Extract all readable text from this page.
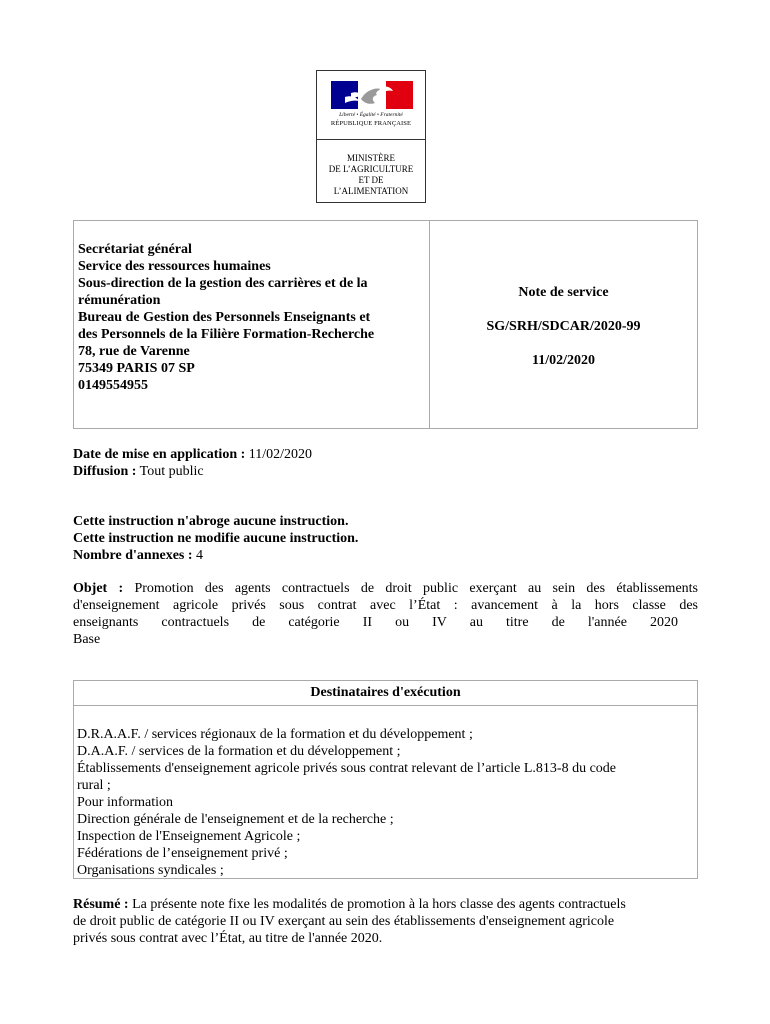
Liberté • Égalité • Fraternité
RÉPUBLIQUE FRANÇAISE
MINISTÈRE
DE L’AGRICULTURE
ET DE
L’ALIMENTATION
Secrétariat général
Service des ressources humaines
Sous-direction de la gestion des carrières et de la
rémunération
Bureau de Gestion des Personnels Enseignants et
des Personnels de la Filière Formation-Recherche
78, rue de Varenne
75349 PARIS 07 SP
0149554955
Note de service
SG/SRH/SDCAR/2020-99
11/02/2020
Date de mise en application : 11/02/2020
Diffusion : Tout public
Cette instruction n'abroge aucune instruction.
Cette instruction ne modifie aucune instruction.
Nombre d'annexes : 4
Objet : Promotion des agents contractuels de droit public exerçant au sein des établissements
d'enseignement agricole privés sous contrat avec l’État : avancement à la hors classe des
enseignants contractuels de catégorie II ou IV au titre de l'année 2020
Base
Destinataires d'exécution
D.R.A.A.F. / services régionaux de la formation et du développement ;
D.A.A.F. / services de la formation et du développement ;
Établissements d'enseignement agricole privés sous contrat relevant de l’article L.813-8 du code
rural ;
Pour information
Direction générale de l'enseignement et de la recherche ;
Inspection de l'Enseignement Agricole ;
Fédérations de l’enseignement privé ;
Organisations syndicales ;
Résumé : La présente note fixe les modalités de promotion à la hors classe des agents contractuels
de droit public de catégorie II ou IV exerçant au sein des établissements d'enseignement agricole
privés sous contrat avec l’État, au titre de l'année 2020.
